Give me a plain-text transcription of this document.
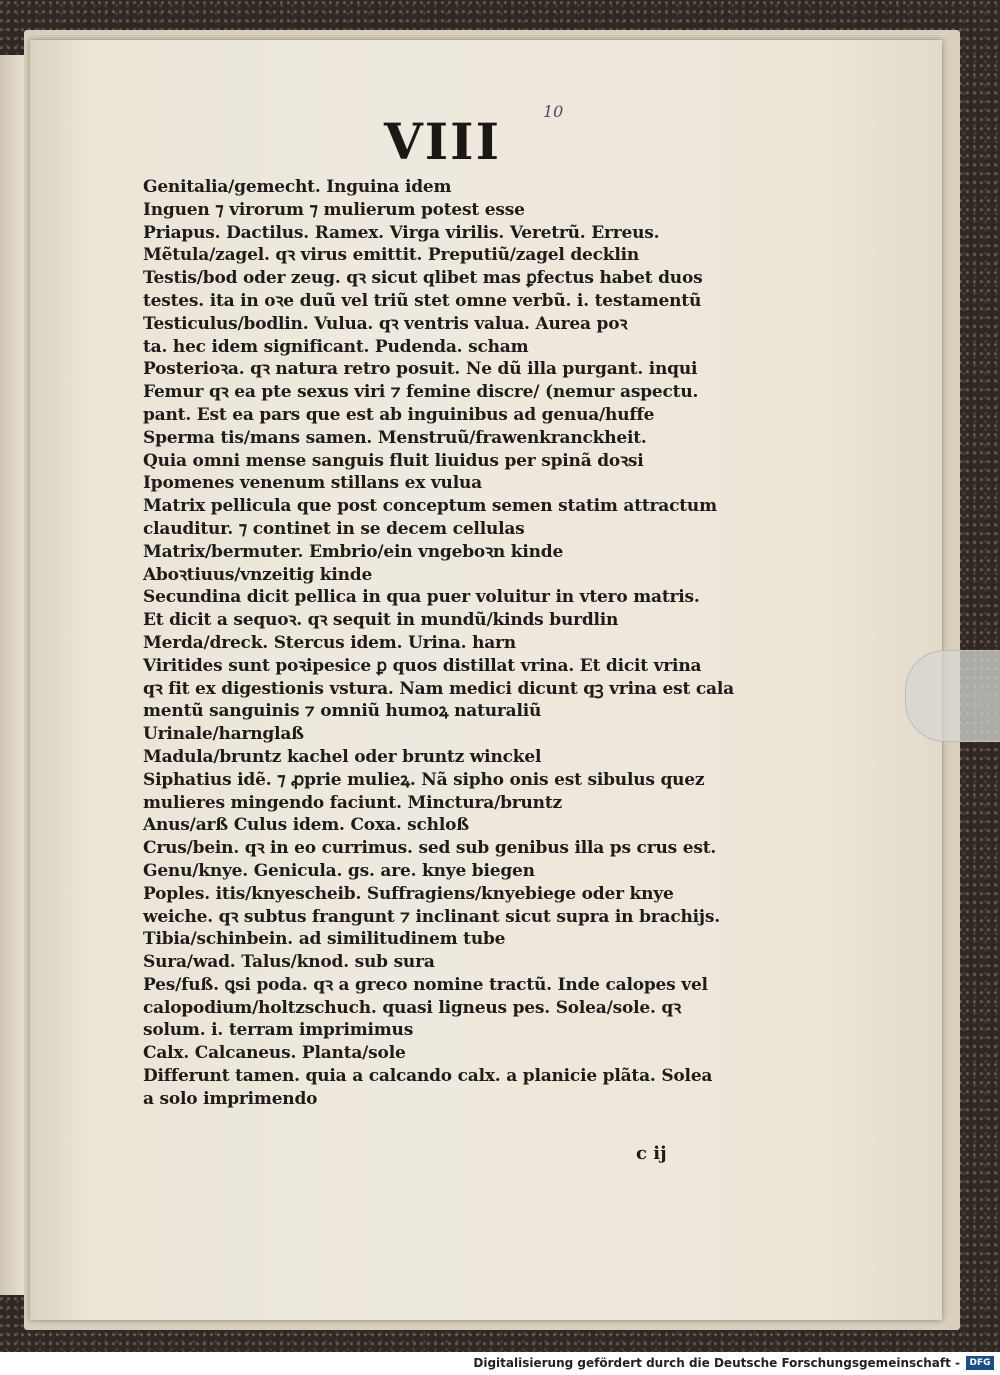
10
VIII
Genitalia/gemecht. Inguina idem
Inguen ⁊ virorum ⁊ mulierum potest esse
Priapus. Dactilus. Ramex. Virga virilis. Veretrũ. Erreus.
Mẽtula/zagel. qꝛ virus emittit. Preputiũ/zagel decklin
Testis/bod oder zeug. qꝛ sicut qlibet mas ꝑfectus habet duos
testes. ita in oꝛe duũ vel triũ stet omne verbũ. i. testamentũ
Testiculus/bodlin. Vulua. qꝛ ventris valua. Aurea poꝛ
ta. hec idem significant. Pudenda. scham
Posterioꝛa. qꝛ natura retro posuit. Ne dũ illa purgant. inqui
Femur qꝛ ea pte sexus viri ⁊ femine discre/ (nemur aspectu.
pant. Est ea pars que est ab inguinibus ad genua/huffe
Sperma tis/mans samen. Menstruũ/frawenkranckheit.
Quia omni mense sanguis fluit liuidus per spinã doꝛsi
Ipomenes venenum stillans ex vulua
Matrix pellicula que post conceptum semen statim attractum
clauditur. ⁊ continet in se decem cellulas
Matrix/bermuter. Embrio/ein vngeboꝛn kinde
Aboꝛtiuus/vnzeitig kinde
Secundina dicit pellica in qua puer voluitur in vtero matris.
Et dicit a sequoꝛ. qꝛ sequit in mundũ/kinds burdlin
Merda/dreck. Stercus idem. Urina. harn
Viritides sunt poꝛipesice ꝑ quos distillat vrina. Et dicit vrina
qꝛ fit ex digestionis vstura. Nam medici dicunt qꝫ vrina est cala
mentũ sanguinis ⁊ omniũ humoꝝ naturaliũ
Urinale/harnglaß
Madula/bruntz kachel oder bruntz winckel
Siphatius idẽ. ⁊ ꝓprie mulieꝝ. Nã sipho onis est sibulus quez
mulieres mingendo faciunt. Minctura/bruntz
Anus/arß Culus idem. Coxa. schloß
Crus/bein. qꝛ in eo currimus. sed sub genibus illa ps crus est.
Genu/knye. Genicula. gs. are. knye biegen
Poples. itis/knyescheib. Suffragiens/knyebiege oder knye
weiche. qꝛ subtus frangunt ⁊ inclinant sicut supra in brachijs.
Tibia/schinbein. ad similitudinem tube
Sura/wad. Talus/knod. sub sura
Pes/fuß. ꝗsi poda. qꝛ a greco nomine tractũ. Inde calopes vel
calopodium/holtzschuch. quasi ligneus pes. Solea/sole. qꝛ
solum. i. terram imprimimus
Calx. Calcaneus. Planta/sole
Differunt tamen. quia a calcando calx. a planicie plãta. Solea
a solo imprimendo
c ij
Digitalisierung gefördert durch die Deutsche Forschungsgemeinschaft -	DFG
